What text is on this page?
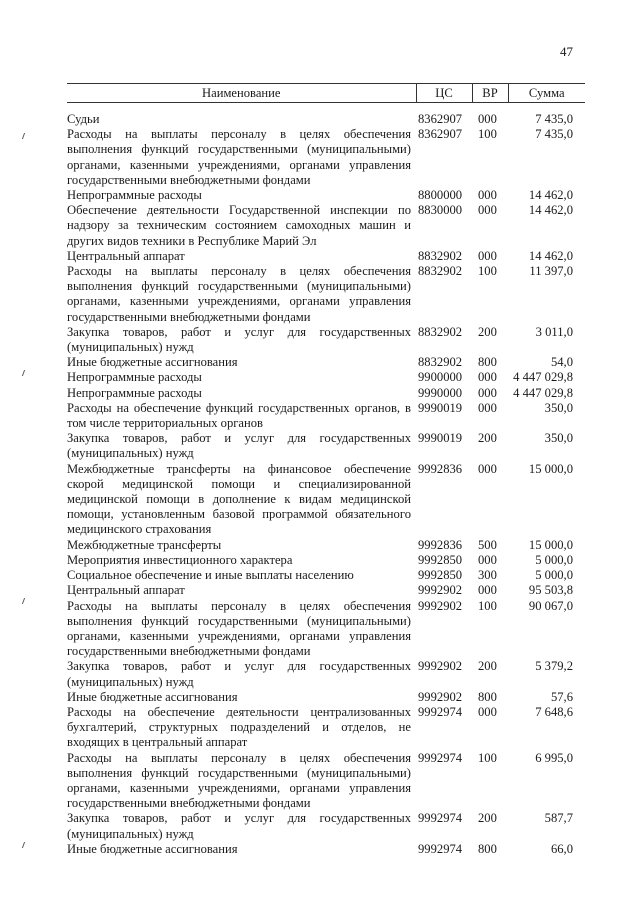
47
Наименование	ЦС	ВР	Сумма
Судьи	8362907	000	7 435,0
Расходы на выплаты персоналу в целях обеспечения выполнения функций государственными (муниципальными) органами, казенными учреждениями, органами управления государственными внебюджетными фондами	8362907	100	7 435,0
Непрограммные расходы	8800000	000	14 462,0
Обеспечение деятельности Государственной инспекции по надзору за техническим состоянием самоходных машин и других видов техники в Республике Марий Эл	8830000	000	14 462,0
Центральный аппарат	8832902	000	14 462,0
Расходы на выплаты персоналу в целях обеспечения выполнения функций государственными (муниципальными) органами, казенными учреждениями, органами управления государственными внебюджетными фондами	8832902	100	11 397,0
Закупка товаров, работ и услуг для государственных (муниципальных) нужд	8832902	200	3 011,0
Иные бюджетные ассигнования	8832902	800	54,0
Непрограммные расходы	9900000	000	4 447 029,8
Непрограммные расходы	9990000	000	4 447 029,8
Расходы на обеспечение функций государственных органов, в том числе территориальных органов	9990019	000	350,0
Закупка товаров, работ и услуг для государственных (муниципальных) нужд	9990019	200	350,0
Межбюджетные трансферты на финансовое обеспечение скорой медицинской помощи и специализированной медицинской помощи в дополнение к видам медицинской помощи, установленным базовой программой обязательного медицинского страхования	9992836	000	15 000,0
Межбюджетные трансферты	9992836	500	15 000,0
Мероприятия инвестиционного характера	9992850	000	5 000,0
Социальное обеспечение и иные выплаты населению	9992850	300	5 000,0
Центральный аппарат	9992902	000	95 503,8
Расходы на выплаты персоналу в целях обеспечения выполнения функций государственными (муниципальными) органами, казенными учреждениями, органами управления государственными внебюджетными фондами	9992902	100	90 067,0
Закупка товаров, работ и услуг для государственных (муниципальных) нужд	9992902	200	5 379,2
Иные бюджетные ассигнования	9992902	800	57,6
Расходы на обеспечение деятельности централизованных бухгалтерий, структурных подразделений и отделов, не входящих в центральный аппарат	9992974	000	7 648,6
Расходы на выплаты персоналу в целях обеспечения выполнения функций государственными (муниципальными) органами, казенными учреждениями, органами управления государственными внебюджетными фондами	9992974	100	6 995,0
Закупка товаров, работ и услуг для государственных (муниципальных) нужд	9992974	200	587,7
Иные бюджетные ассигнования	9992974	800	66,0
